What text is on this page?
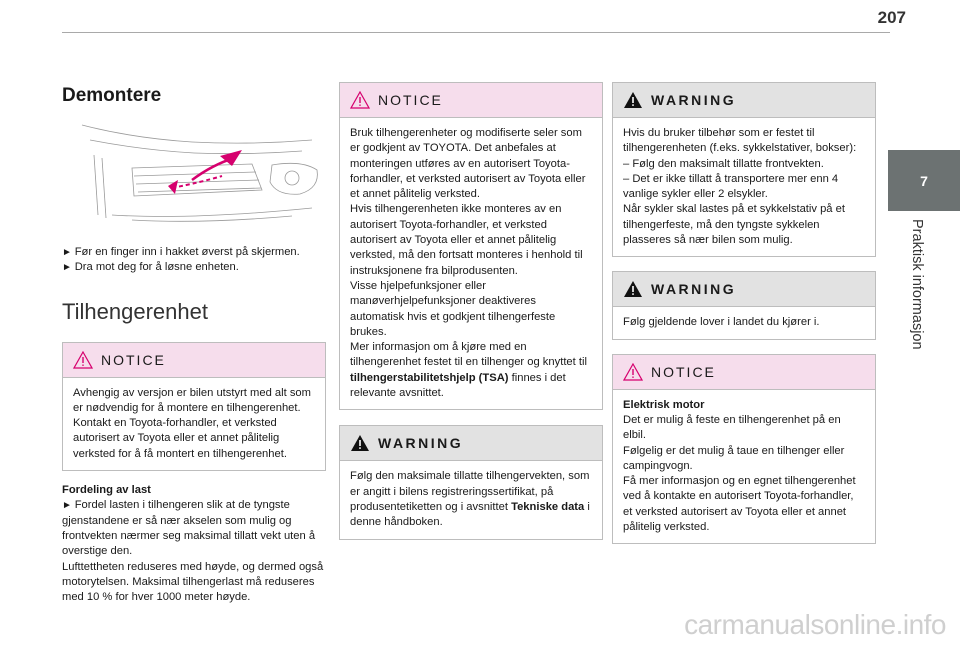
207
7
Praktisk informasjon
Demontere

► Før en finger inn i hakket øverst på skjermen.

► Dra mot deg for å løsne enheten.

Tilhengerenhet
NOTICE

Avhengig av versjon er bilen utstyrt med alt som er nødvendig for å montere en tilhengerenhet.
Kontakt en Toyota-forhandler, et verksted autorisert av Toyota eller et annet pålitelig verksted for å få montert en tilhengerenhet.

Fordeling av last

► Fordel lasten i tilhengeren slik at de tyngste gjenstandene er så nær akselen som mulig og frontvekten nærmer seg maksimal tillatt vekt uten å overstige den.

Lufttettheten reduseres med høyde, og dermed også motorytelsen. Maksimal tilhengerlast må reduseres med 10 % for hver 1000 meter høyde.

NOTICE

Bruk tilhengerenheter og modifiserte seler som er godkjent av TOYOTA. Det anbefales at monteringen utføres av en autorisert Toyota-forhandler, et verksted autorisert av Toyota eller et annet pålitelig verksted.
Hvis tilhengerenheten ikke monteres av en autorisert Toyota-forhandler, et verksted autorisert av Toyota eller et annet pålitelig verksted, må den fortsatt monteres i henhold til instruksjonene fra bilprodusenten.
Visse hjelpefunksjoner eller manøverhjelpefunksjoner deaktiveres automatisk hvis et godkjent tilhengerfeste brukes.
Mer informasjon om å kjøre med en tilhengerenhet festet til en tilhenger og knyttet til tilhengerstabilitetshjelp (TSA) finnes i det relevante avsnittet.

WARNING

Følg den maksimale tillatte tilhengervekten, som er angitt i bilens registreringssertifikat, på produsentetiketten og i avsnittet Tekniske data i denne håndboken.

WARNING

Hvis du bruker tilbehør som er festet til tilhengerenheten (f.eks. sykkelstativer, bokser):
– Følg den maksimalt tillatte frontvekten.
– Det er ikke tillatt å transportere mer enn 4 vanlige sykler eller 2 elsykler.
Når sykler skal lastes på et sykkelstativ på et tilhengerfeste, må den tyngste sykkelen plasseres så nær bilen som mulig.

WARNING

Følg gjeldende lover i landet du kjører i.

NOTICE

Elektrisk motor

Det er mulig å feste en tilhengerenhet på en elbil.
Følgelig er det mulig å taue en tilhenger eller campingvogn.
Få mer informasjon og en egnet tilhengerenhet ved å kontakte en autorisert Toyota-forhandler, et verksted autorisert av Toyota eller et annet pålitelig verksted.

carmanualsonline.info
